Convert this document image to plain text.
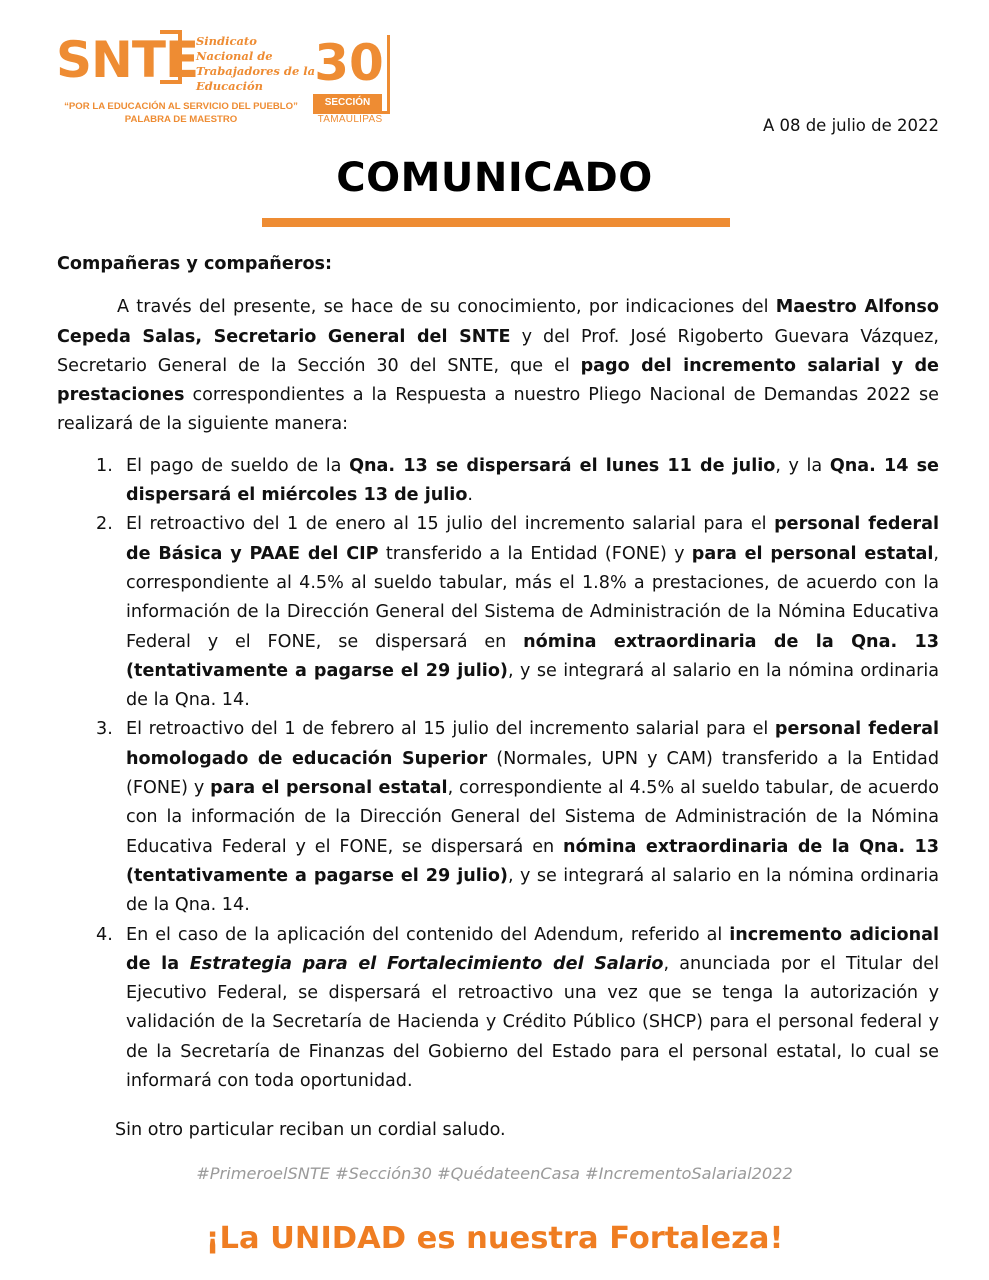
SNTE
Sindicato
Nacional de
Trabajadores de la
Educación
“POR LA EDUCACIÓN AL SERVICIO DEL PUEBLO”
PALABRA DE MAESTRO
30
SECCIÓN
TAMAULIPAS	A 08 de julio de 2022
COMUNICADO

Compañeras y compañeros:

A través del presente, se hace de su conocimiento, por indicaciones del Maestro Alfonso Cepeda Salas, Secretario General del SNTE y del Prof. José Rigoberto Guevara Vázquez, Secretario General de la Sección 30 del SNTE, que el pago del incremento salarial y de prestaciones correspondientes a la Respuesta a nuestro Pliego Nacional de Demandas 2022 se realizará de la siguiente manera:

1. El pago de sueldo de la Qna. 13 se dispersará el lunes 11 de julio, y la Qna. 14 se dispersará el miércoles 13 de julio.
2. El retroactivo del 1 de enero al 15 julio del incremento salarial para el personal federal de Básica y PAAE del CIP transferido a la Entidad (FONE) y para el personal estatal, correspondiente al 4.5% al sueldo tabular, más el 1.8% a prestaciones, de acuerdo con la información de la Dirección General del Sistema de Administración de la Nómina Educativa Federal y el FONE, se dispersará en nómina extraordinaria de la Qna. 13 (tentativamente a pagarse el 29 julio), y se integrará al salario en la nómina ordinaria de la Qna. 14.
3. El retroactivo del 1 de febrero al 15 julio del incremento salarial para el personal federal homologado de educación Superior (Normales, UPN y CAM) transferido a la Entidad (FONE) y para el personal estatal, correspondiente al 4.5% al sueldo tabular, de acuerdo con la información de la Dirección General del Sistema de Administración de la Nómina Educativa Federal y el FONE, se dispersará en nómina extraordinaria de la Qna. 13 (tentativamente a pagarse el 29 julio), y se integrará al salario en la nómina ordinaria de la Qna. 14.
4. En el caso de la aplicación del contenido del Adendum, referido al incremento adicional de la Estrategia para el Fortalecimiento del Salario, anunciada por el Titular del Ejecutivo Federal, se dispersará el retroactivo una vez que se tenga la autorización y validación de la Secretaría de Hacienda y Crédito Público (SHCP) para el personal federal y de la Secretaría de Finanzas del Gobierno del Estado para el personal estatal, lo cual se informará con toda oportunidad.

Sin otro particular reciban un cordial saludo.

#PrimeroelSNTE #Sección30 #QuédateenCasa #IncrementoSalarial2022
¡La UNIDAD es nuestra Fortaleza!
